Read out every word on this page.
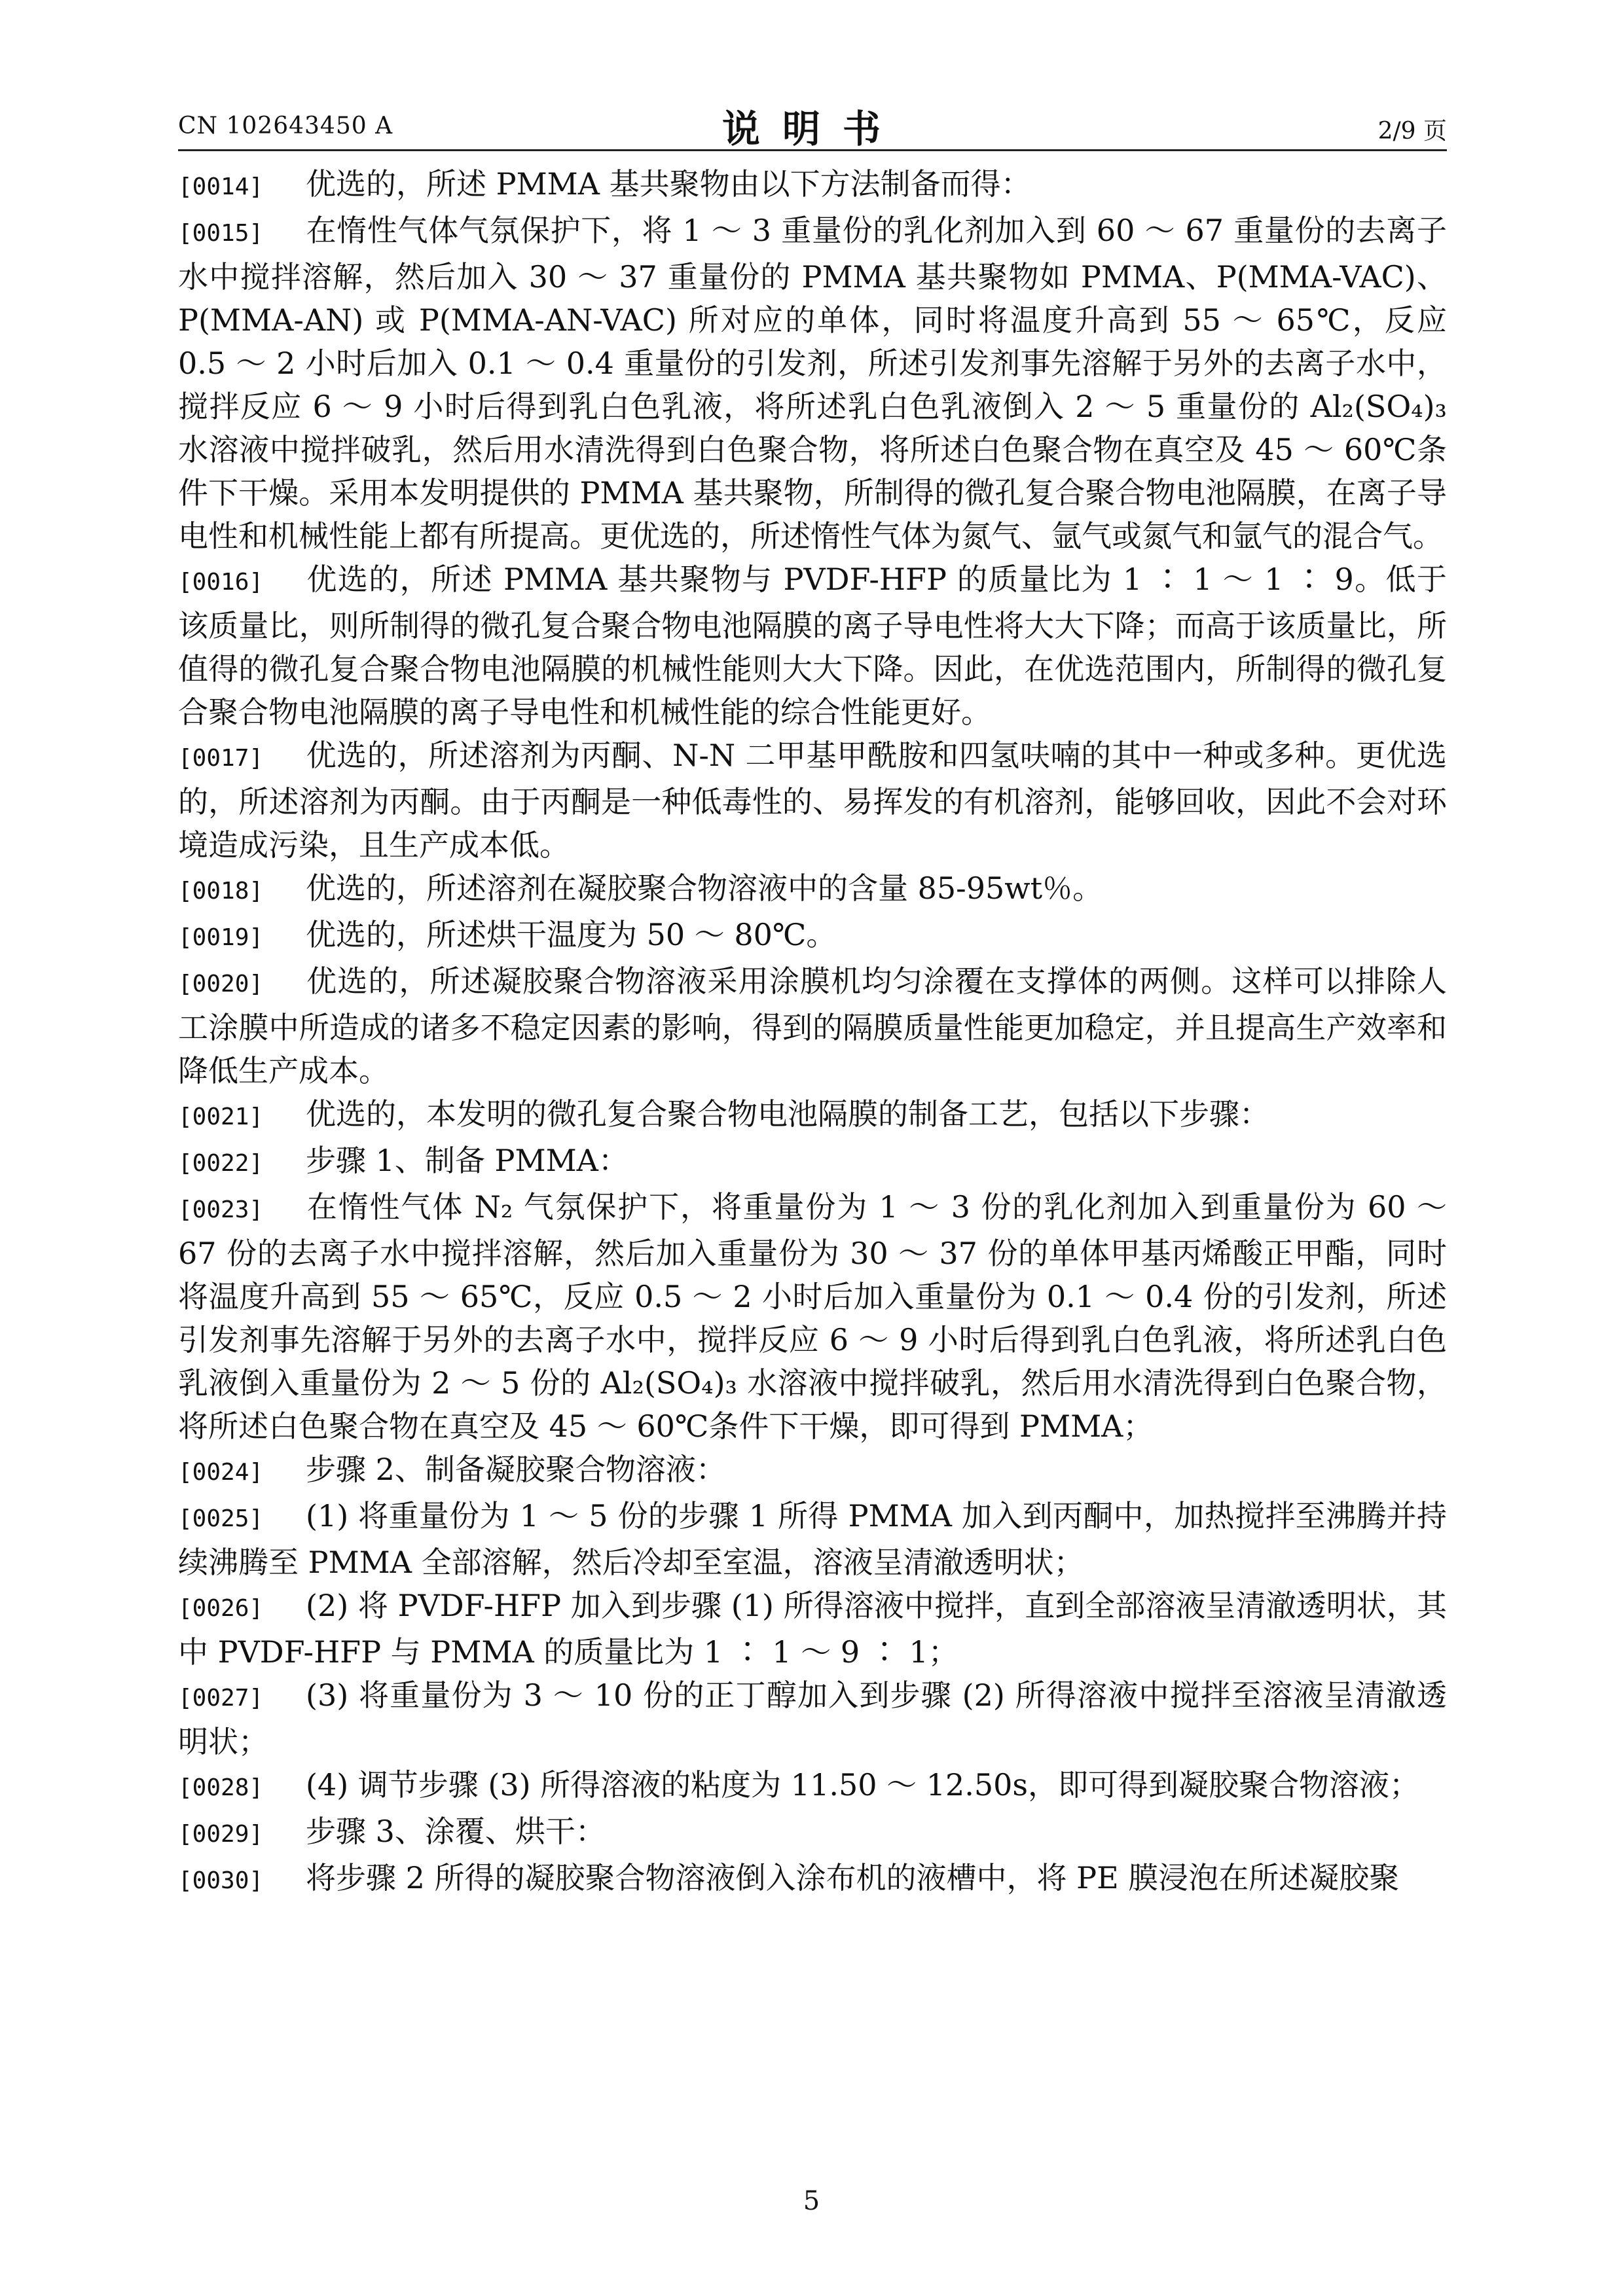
CN 102643450 A	说明书	2/9 页

[0014] 优选的，所述 PMMA 基共聚物由以下方法制备而得：

[0015] 在惰性气体气氛保护下，将 1 ～ 3 重量份的乳化剂加入到 60 ～ 67 重量份的去离子水中搅拌溶解，然后加入 30 ～ 37 重量份的 PMMA 基共聚物如 PMMA、P(MMA-VAC)、P(MMA-AN) 或 P(MMA-AN-VAC) 所对应的单体，同时将温度升高到 55 ～ 65℃，反应 0.5 ～ 2 小时后加入 0.1 ～ 0.4 重量份的引发剂，所述引发剂事先溶解于另外的去离子水中，搅拌反应 6 ～ 9 小时后得到乳白色乳液，将所述乳白色乳液倒入 2 ～ 5 重量份的 Al₂(SO₄)₃ 水溶液中搅拌破乳，然后用水清洗得到白色聚合物，将所述白色聚合物在真空及 45 ～ 60℃条件下干燥。采用本发明提供的 PMMA 基共聚物，所制得的微孔复合聚合物电池隔膜，在离子导电性和机械性能上都有所提高。更优选的，所述惰性气体为氮气、氩气或氮气和氩气的混合气。

[0016] 优选的，所述 PMMA 基共聚物与 PVDF-HFP 的质量比为 1 ∶ 1 ～ 1 ∶ 9。低于该质量比，则所制得的微孔复合聚合物电池隔膜的离子导电性将大大下降；而高于该质量比，所值得的微孔复合聚合物电池隔膜的机械性能则大大下降。因此，在优选范围内，所制得的微孔复合聚合物电池隔膜的离子导电性和机械性能的综合性能更好。

[0017] 优选的，所述溶剂为丙酮、N-N 二甲基甲酰胺和四氢呋喃的其中一种或多种。更优选的，所述溶剂为丙酮。由于丙酮是一种低毒性的、易挥发的有机溶剂，能够回收，因此不会对环境造成污染，且生产成本低。

[0018] 优选的，所述溶剂在凝胶聚合物溶液中的含量 85-95wt％。

[0019] 优选的，所述烘干温度为 50 ～ 80℃。

[0020] 优选的，所述凝胶聚合物溶液采用涂膜机均匀涂覆在支撑体的两侧。这样可以排除人工涂膜中所造成的诸多不稳定因素的影响，得到的隔膜质量性能更加稳定，并且提高生产效率和降低生产成本。

[0021] 优选的，本发明的微孔复合聚合物电池隔膜的制备工艺，包括以下步骤：

[0022] 步骤 1、制备 PMMA：

[0023] 在惰性气体 N₂ 气氛保护下，将重量份为 1 ～ 3 份的乳化剂加入到重量份为 60 ～ 67 份的去离子水中搅拌溶解，然后加入重量份为 30 ～ 37 份的单体甲基丙烯酸正甲酯，同时将温度升高到 55 ～ 65℃，反应 0.5 ～ 2 小时后加入重量份为 0.1 ～ 0.4 份的引发剂，所述引发剂事先溶解于另外的去离子水中，搅拌反应 6 ～ 9 小时后得到乳白色乳液，将所述乳白色乳液倒入重量份为 2 ～ 5 份的 Al₂(SO₄)₃ 水溶液中搅拌破乳，然后用水清洗得到白色聚合物，将所述白色聚合物在真空及 45 ～ 60℃条件下干燥，即可得到 PMMA；

[0024] 步骤 2、制备凝胶聚合物溶液：

[0025] (1) 将重量份为 1 ～ 5 份的步骤 1 所得 PMMA 加入到丙酮中，加热搅拌至沸腾并持续沸腾至 PMMA 全部溶解，然后冷却至室温，溶液呈清澈透明状；

[0026] (2) 将 PVDF-HFP 加入到步骤 (1) 所得溶液中搅拌，直到全部溶液呈清澈透明状，其中 PVDF-HFP 与 PMMA 的质量比为 1 ∶ 1 ～ 9 ∶ 1；

[0027] (3) 将重量份为 3 ～ 10 份的正丁醇加入到步骤 (2) 所得溶液中搅拌至溶液呈清澈透明状；

[0028] (4) 调节步骤 (3) 所得溶液的粘度为 11.50 ～ 12.50s，即可得到凝胶聚合物溶液；

[0029] 步骤 3、涂覆、烘干：

[0030] 将步骤 2 所得的凝胶聚合物溶液倒入涂布机的液槽中，将 PE 膜浸泡在所述凝胶聚

5
